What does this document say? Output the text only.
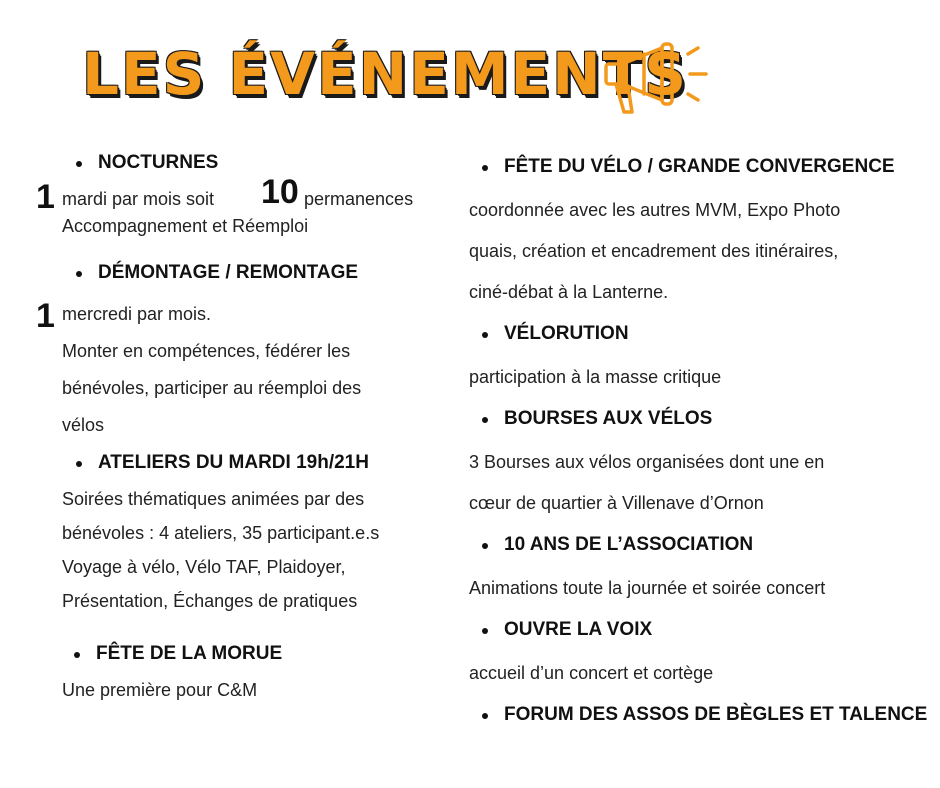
LES ÉVÉNEMENTS
NOCTURNES
1 mardi par mois soit 10 permanences
Accompagnement et Réemploi
DÉMONTAGE / REMONTAGE
1 mercredi par mois.
Monter en compétences, fédérer les
bénévoles, participer au réemploi des
vélos
ATELIERS DU MARDI 19h/21H
Soirées thématiques animées par des
bénévoles : 4 ateliers, 35 participant.e.s
Voyage à vélo, Vélo TAF, Plaidoyer,
Présentation, Échanges de pratiques
FÊTE DE LA MORUE
Une première pour C&M
FÊTE DU VÉLO / GRANDE CONVERGENCE
coordonnée avec les autres MVM, Expo Photo
quais, création et encadrement des itinéraires,
ciné-débat à la Lanterne.
VÉLORUTION
participation à la masse critique
BOURSES AUX VÉLOS
3 Bourses aux vélos organisées dont une en
cœur de quartier à Villenave d’Ornon
10 ANS DE L’ASSOCIATION
Animations toute la journée et soirée concert
OUVRE LA VOIX
accueil d’un concert et cortège
FORUM DES ASSOS DE BÈGLES ET TALENCE
